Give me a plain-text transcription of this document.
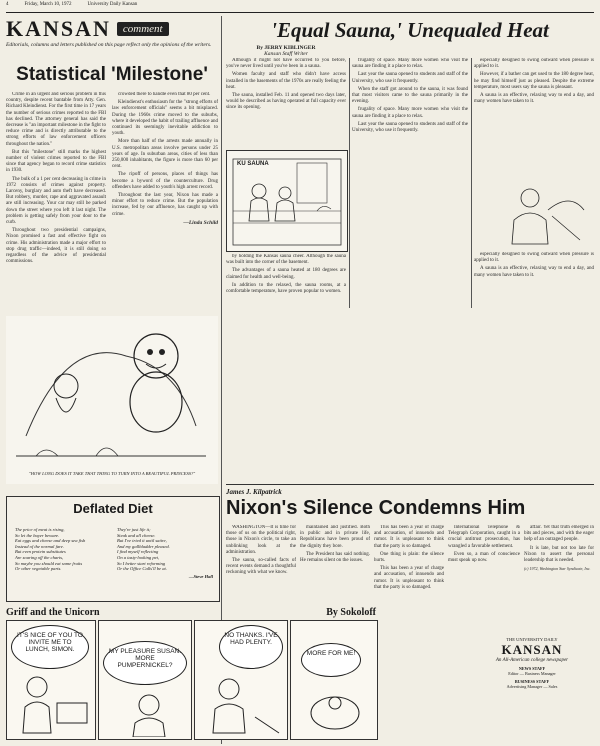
4	Friday, March 10, 1972	University Daily Kansan
KANSAN	comment
Editorials, columns and letters published on this page reflect only the opinions of the writers.
Statistical 'Milestone'

Crime in an urgent and serious problem in this country, despite recent bantable from Atty. Gen. Richard Kleindienst. For the first time in 17 years the number of serious crimes reported to the FBI has declined. The attorney general has said the decrease is "an important milestone in the fight to reduce crime and is directly attributable to the strong efforts of law enforcement officers throughout the nation."

But this "milestone" still marks the highest number of violent crimes reported to the FBI since that agency began to record crime statistics in 1930.

The bulk of a 1 per cent decreasing in crime in 1972 consists of crimes against property. Larceny, burglary and auto theft have decreased. But robbery, murder, rape and aggravated assault are still increasing. Your car may still be parked down the street where you left it last night. The problem is getting safely from your door to the curb.

Throughout two presidential campaigns, Nixon promised a fast and effective fight on crime. His administration made a major effort to stop drug traffic—indeed, it is still doing so regardless of the advice of presidential commissions.

crowded there to handle even that 80 per cent.

Kleindienst's enthusiasm for the "strong efforts of law enforcement officials" seems a bit misplaced. During the 1960s crime moved to the suburbs, where it developed the habit of trailing affluence and continued its seemingly inevitable addiction to youth.

More than half of the arrests made annually in U.S. metropolitan areas involve persons under 25 years of age. In suburban areas, cities of less than 250,000 inhabitants, the figure is more than 60 per cent.

The ripoff of persons, places of things has become a byword of the counterculture. Drug offenders have added to youth's high arrest record.

Throughout the last year, Nixon has made a minor effort to reduce crime. But the population increase, fed by our affluence, has caught up with crime.

—Linda Schild
'Equal Sauna,' Unequaled Heat
By JERRY KIBLINGER
Kansan Staff Writer

Although it might not have occurred to you before, you've never lived until you've been in a sauna.

Women faculty and staff who didn't have access installed in the basements of the 1970s are really feeling the heat.

The sauna, installed Feb. 11 and opened two days later, would be described as having operated at full capacity ever since its opening.

KU SAUNA

by holding the Kansas sauna cheer. Although the sauna was built into the corner of the basement.

The advantages of a sauna heated at 180 degrees are claimed for health and well-being.

In addition to the relaxed, the sauna rooms, at a comfortable temperature, have proven popular to women.

frugality of space. Many more women who visit the sauna are finding it a place to relax.

Last year the sauna opened to students and staff of the University, who use it frequently.

When the staff got around to the sauna, it was found that most visitors came to the sauna primarily in the evening.

frugality of space. Many more women who visit the sauna are finding it a place to relax.

Last year the sauna opened to students and staff of the University, who use it frequently.

especially designed to swing outward when pressure is applied to it.

However, if a bather can get used to the 180 degree heat, he may find himself just as pleased. Despite the extreme temperature, most users say the sauna is pleasant.

A sauna is an effective, relaxing way to end a day, and many women have taken to it.

especially designed to swing outward when pressure is applied to it.

A sauna is an effective, relaxing way to end a day, and many women have taken to it.

"HOW LONG DOES IT TAKE THAT THING TO TURN INTO A BEAUTIFUL PRINCESS?"
Deflated Diet
The price of meat is rising,
So let the buyer beware.
Eat eggs and cheese and deep sea fish
Instead of the normal fare.
But even protein substitutes
Are soaring off the charts,
So maybe you should eat some fruits
Or other vegetable parts.
They're just life it;
Steak and all cheese.
But I've tried it until satire,
And my gallbladder pleased.
I find myself reflecting
On a tasty-looking pet,
So I better start reforming
Or the Office Calls'll be at.
—Steve Hall
James J. Kilpatrick
Nixon's Silence Condemns Him

WASHINGTON—It is time for those of us on the political right, those in Nixon's circle, to take an unblinking look at the administration.

The sauna, so-called facts of recent events demand a thoughtful reckoning with what we know.

maintained and justified. Both in public and in private life, Republicans have been proud of the dignity they bore.

The President has said nothing. He remains silent on the issues.

This has been a year of charge and accusation, of innuendo and rumor. It is unpleasant to think that the party is so damaged.

One thing is plain: the silence hurts.

This has been a year of charge and accusation, of innuendo and rumor. It is unpleasant to think that the party is so damaged.

International Telephone & Telegraph Corporation, caught in a crucial antitrust prosecution, has wrangled a favorable settlement.

Even so, a man of conscience must speak up now.

affair. Yet that truth emerged in bits and pieces, and with the eager help of an outraged people.

It is late, but not too late for Nixon to assert the personal leadership that is needed.

(c) 1972, Washington Star Syndicate, Inc.
Griff and the Unicorn	By Sokoloff
IT'S NICE OF YOU TO INVITE ME TO LUNCH, SIMON.	MY PLEASURE SUSAN. MORE PUMPERNICKEL?
NO THANKS. I'VE HAD PLENTY.
MORE FOR ME!
THE UNIVERSITY DAILY
KANSAN
An All-American college newspaper
NEWS STAFF
Editor — Business Manager
BUSINESS STAFF
Advertising Manager — Sales
